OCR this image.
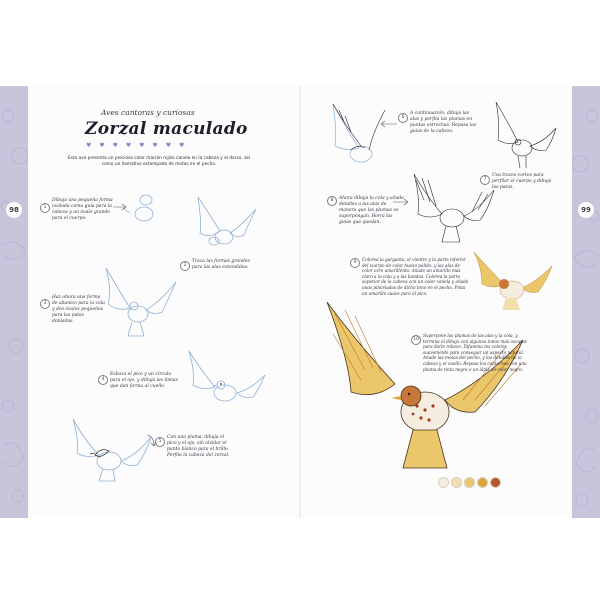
98	99
Aves cantoras y curiosas
Zorzal maculado
♥ ♥ ♥ ♥ ♥ ♥ ♥ ♥
Esta ave presenta un precioso color marrón rojizo canela en la cabeza y el dorso, así como un llamativo estampado de motas en el pecho.
1
Dibuja una pequeña forma ovalada como guía para la cabeza y un óvalo grande para el cuerpo.
2
Traza las formas grandes para las alas extendidas.
3
Haz ahora una forma de abanico para la cola y dos óvalos pequeños para las patas dobladas.
4
Esboza el pico y un círculo para el ojo, y dibuja las líneas que dan forma al cuello.
5
Con una pluma, dibuja el pico y el ojo, sin olvidar el punto blanco para el brillo. Perfila la cabeza del zorzal.
6
A continuación, dibuja las alas y perfila las plumas en puntas estrechas. Repasa las guías de la cabeza.
7
Usa trazos cortos para perfilar el cuerpo y dibuja las patas.
8	Ahora dibuja la cola y añade detalles a las alas de manera que las plumas se superpongan. Borra las guías que quedan.
9
Colorea la garganta, el vientre y la parte inferior del cuerpo de color hueso pálido, y las alas de color ocre amarillento. Añade un amarillo más claro a la cola y a las bandas. Colorea la parte superior de la cabeza con un color canela y añade unas pinceladas de dicho tono en el pecho. Pinta un amarillo suave para el pico.
10
Superpone las plumas de las alas y la cola, y termina el dibujo con algunos tonos más oscuros para darle relieve. Difumina los colores suavemente para conseguir un aspecto natural. Añade las motas del pecho, y los detalles de la cabeza y el cuello. Repasa los contornos con una pluma de tinta negra o un lápiz de color negro.
